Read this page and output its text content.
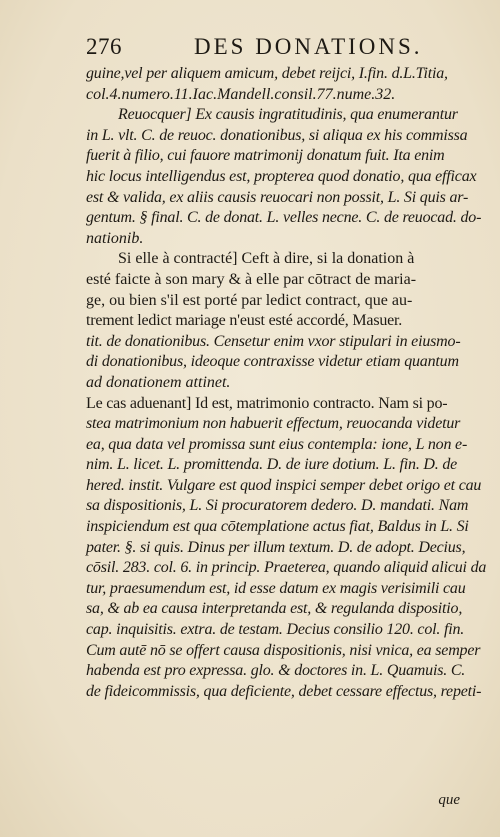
276	DES DONATIONS.
guine,vel per aliquem amicum, debet reijci, I.fin. d.L.Titia,
col.4.numero.11.Iac.Mandell.consil.77.nume.32.
Reuocquer] Ex causis ingratitudinis, qua enumerantur
in L. vlt. C. de reuoc. donationibus, si aliqua ex his commissa
fuerit à filio, cui fauore matrimonij donatum fuit. Ita enim
hic locus intelligendus est, propterea quod donatio, qua efficax
est & valida, ex aliis causis reuocari non possit, L. Si quis ar-
gentum. § final. C. de donat. L. velles necne. C. de reuocad. do-
nationib.
Si elle à contracté] Ceft à dire, si la donation à
esté faicte à son mary & à elle par cōtract de maria-
ge, ou bien s'il est porté par ledict contract, que au-
trement ledict mariage n'eust esté accordé, Masuer.
tit. de donationibus. Censetur enim vxor stipulari in eiusmo-
di donationibus, ideoque contraxisse videtur etiam quantum
ad donationem attinet.
Le cas aduenant] Id est, matrimonio contracto. Nam si po-
stea matrimonium non habuerit effectum, reuocanda videtur
ea, qua data vel promissa sunt eius contempla: ione, L non e-
nim. L. licet. L. promittenda. D. de iure dotium. L. fin. D. de
hered. instit. Vulgare est quod inspici semper debet origo et cau
sa dispositionis, L. Si procuratorem dedero. D. mandati. Nam
inspiciendum est qua cōtemplatione actus fiat, Baldus in L. Si
pater. §. si quis. Dinus per illum textum. D. de adopt. Decius,
cōsil. 283. col. 6. in princip. Praeterea, quando aliquid alicui da
tur, praesumendum est, id esse datum ex magis verisimili cau
sa, & ab ea causa interpretanda est, & regulanda dispositio,
cap. inquisitis. extra. de testam. Decius consilio 120. col. fin.
Cum autē nō se offert causa dispositionis, nisi vnica, ea semper
habenda est pro expressa. glo. & doctores in. L. Quamuis. C.
de fideicommissis, qua deficiente, debet cessare effectus, repeti-
que
